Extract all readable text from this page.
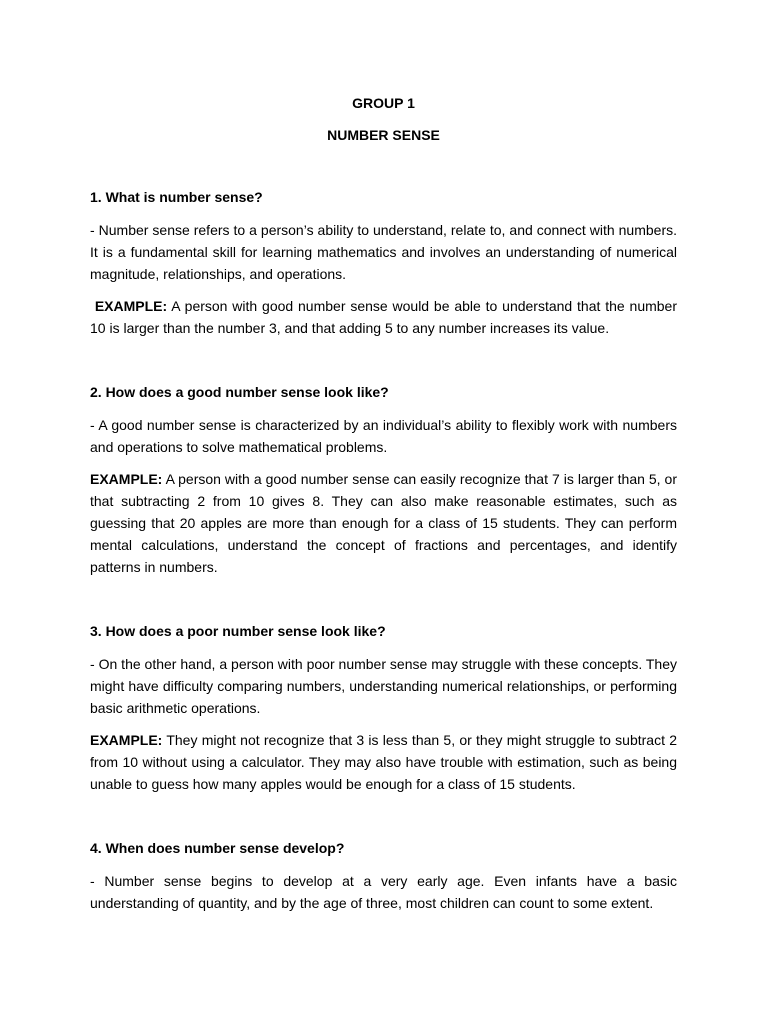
GROUP 1

NUMBER SENSE

1. What is number sense?

- Number sense refers to a person’s ability to understand, relate to, and connect with numbers. It is a fundamental skill for learning mathematics and involves an understanding of numerical magnitude, relationships, and operations.

EXAMPLE: A person with good number sense would be able to understand that the number 10 is larger than the number 3, and that adding 5 to any number increases its value.

2. How does a good number sense look like?

- A good number sense is characterized by an individual’s ability to flexibly work with numbers and operations to solve mathematical problems.

EXAMPLE: A person with a good number sense can easily recognize that 7 is larger than 5, or that subtracting 2 from 10 gives 8. They can also make reasonable estimates, such as guessing that 20 apples are more than enough for a class of 15 students. They can perform mental calculations, understand the concept of fractions and percentages, and identify patterns in numbers.

3. How does a poor number sense look like?

- On the other hand, a person with poor number sense may struggle with these concepts. They might have difficulty comparing numbers, understanding numerical relationships, or performing basic arithmetic operations.

EXAMPLE: They might not recognize that 3 is less than 5, or they might struggle to subtract 2 from 10 without using a calculator. They may also have trouble with estimation, such as being unable to guess how many apples would be enough for a class of 15 students.

4. When does number sense develop?

- Number sense begins to develop at a very early age. Even infants have a basic understanding of quantity, and by the age of three, most children can count to some extent.
